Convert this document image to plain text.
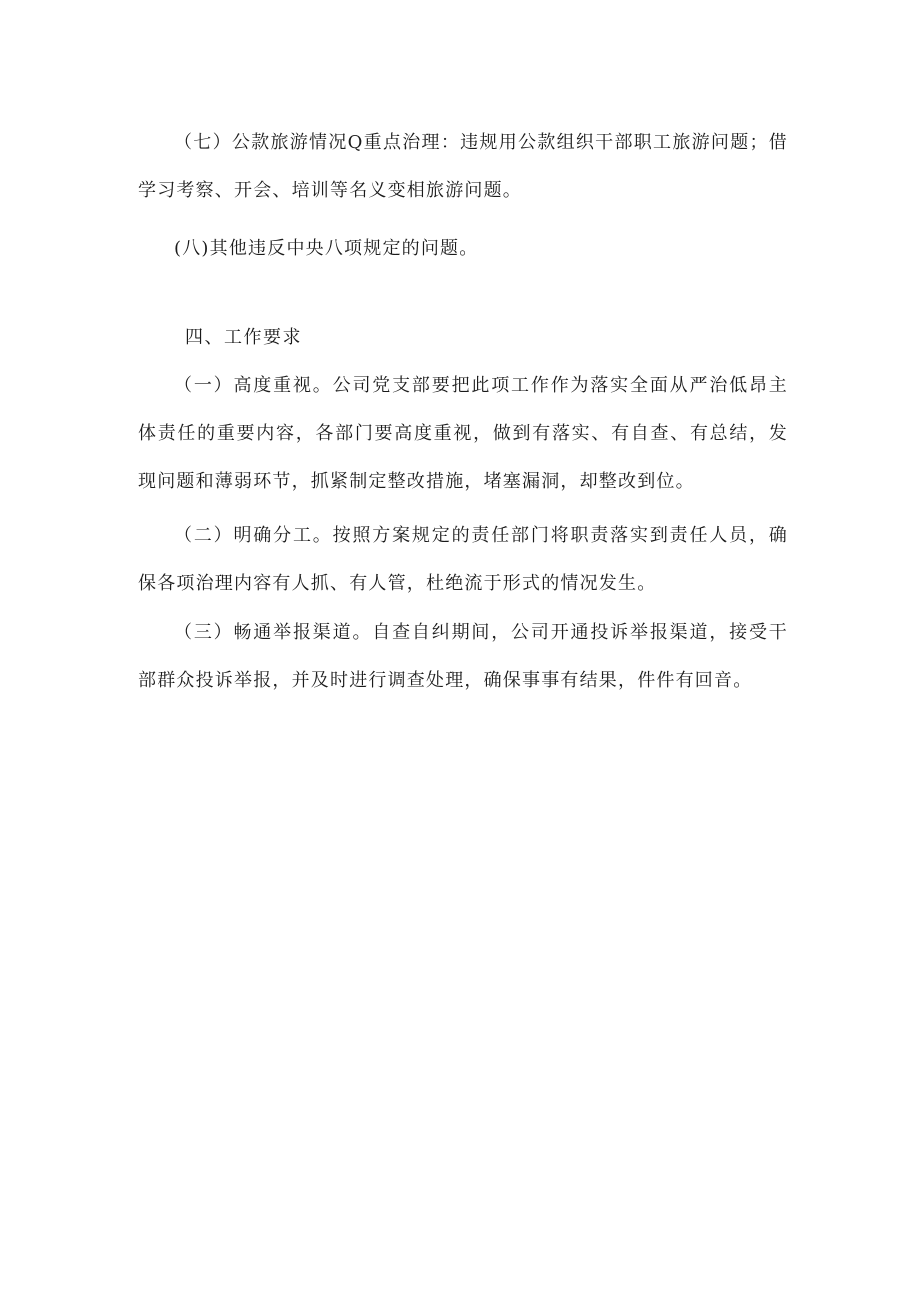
（七）公款旅游情况Q重点治理：违规用公款组织干部职工旅游问题；借学习考察、开会、培训等名义变相旅游问题。

(八)其他违反中央八项规定的问题。

四、工作要求

（一）高度重视。公司党支部要把此项工作作为落实全面从严治低昂主体责任的重要内容，各部门要高度重视，做到有落实、有自查、有总结，发现问题和薄弱环节，抓紧制定整改措施，堵塞漏洞，却整改到位。

（二）明确分工。按照方案规定的责任部门将职责落实到责任人员，确保各项治理内容有人抓、有人管，杜绝流于形式的情况发生。

（三）畅通举报渠道。自查自纠期间，公司开通投诉举报渠道，接受干部群众投诉举报，并及时进行调查处理，确保事事有结果，件件有回音。
